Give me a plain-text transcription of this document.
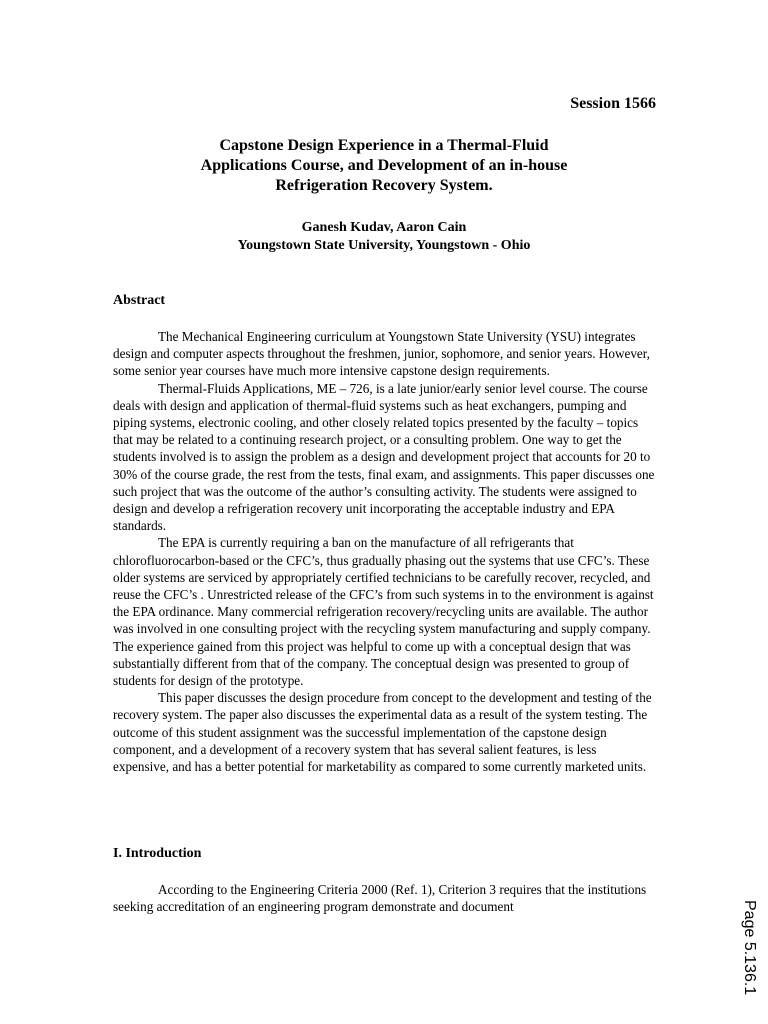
Session 1566
Capstone Design Experience in a Thermal-Fluid
Applications Course, and Development of an in-house
Refrigeration Recovery System.
Ganesh Kudav, Aaron Cain
Youngstown State University, Youngstown - Ohio
Abstract

The Mechanical Engineering curriculum at Youngstown State University (YSU) integrates design and computer aspects throughout the freshmen, junior, sophomore, and senior years. However, some senior year courses have much more intensive capstone design requirements.

Thermal-Fluids Applications, ME – 726, is a late junior/early senior level course. The course deals with design and application of thermal-fluid systems such as heat exchangers, pumping and piping systems, electronic cooling, and other closely related topics presented by the faculty – topics that may be related to a continuing research project, or a consulting problem. One way to get the students involved is to assign the problem as a design and development project that accounts for 20 to 30% of the course grade, the rest from the tests, final exam, and assignments. This paper discusses one such project that was the outcome of the author’s consulting activity. The students were assigned to design and develop a refrigeration recovery unit incorporating the acceptable industry and EPA standards.

The EPA is currently requiring a ban on the manufacture of all refrigerants that chlorofluorocarbon-based or the CFC’s, thus gradually phasing out the systems that use CFC’s. These older systems are serviced by appropriately certified technicians to be carefully recover, recycled, and reuse the CFC’s . Unrestricted release of the CFC’s from such systems in to the environment is against the EPA ordinance. Many commercial refrigeration recovery/recycling units are available. The author was involved in one consulting project with the recycling system manufacturing and supply company. The experience gained from this project was helpful to come up with a conceptual design that was substantially different from that of the company. The conceptual design was presented to group of students for design of the prototype.

This paper discusses the design procedure from concept to the development and testing of the recovery system. The paper also discusses the experimental data as a result of the system testing. The outcome of this student assignment was the successful implementation of the capstone design component, and a development of a recovery system that has several salient features, is less expensive, and has a better potential for marketability as compared to some currently marketed units.

I. Introduction

According to the Engineering Criteria 2000 (Ref. 1), Criterion 3 requires that the institutions seeking accreditation of an engineering program demonstrate and document	Page 5.136.1
